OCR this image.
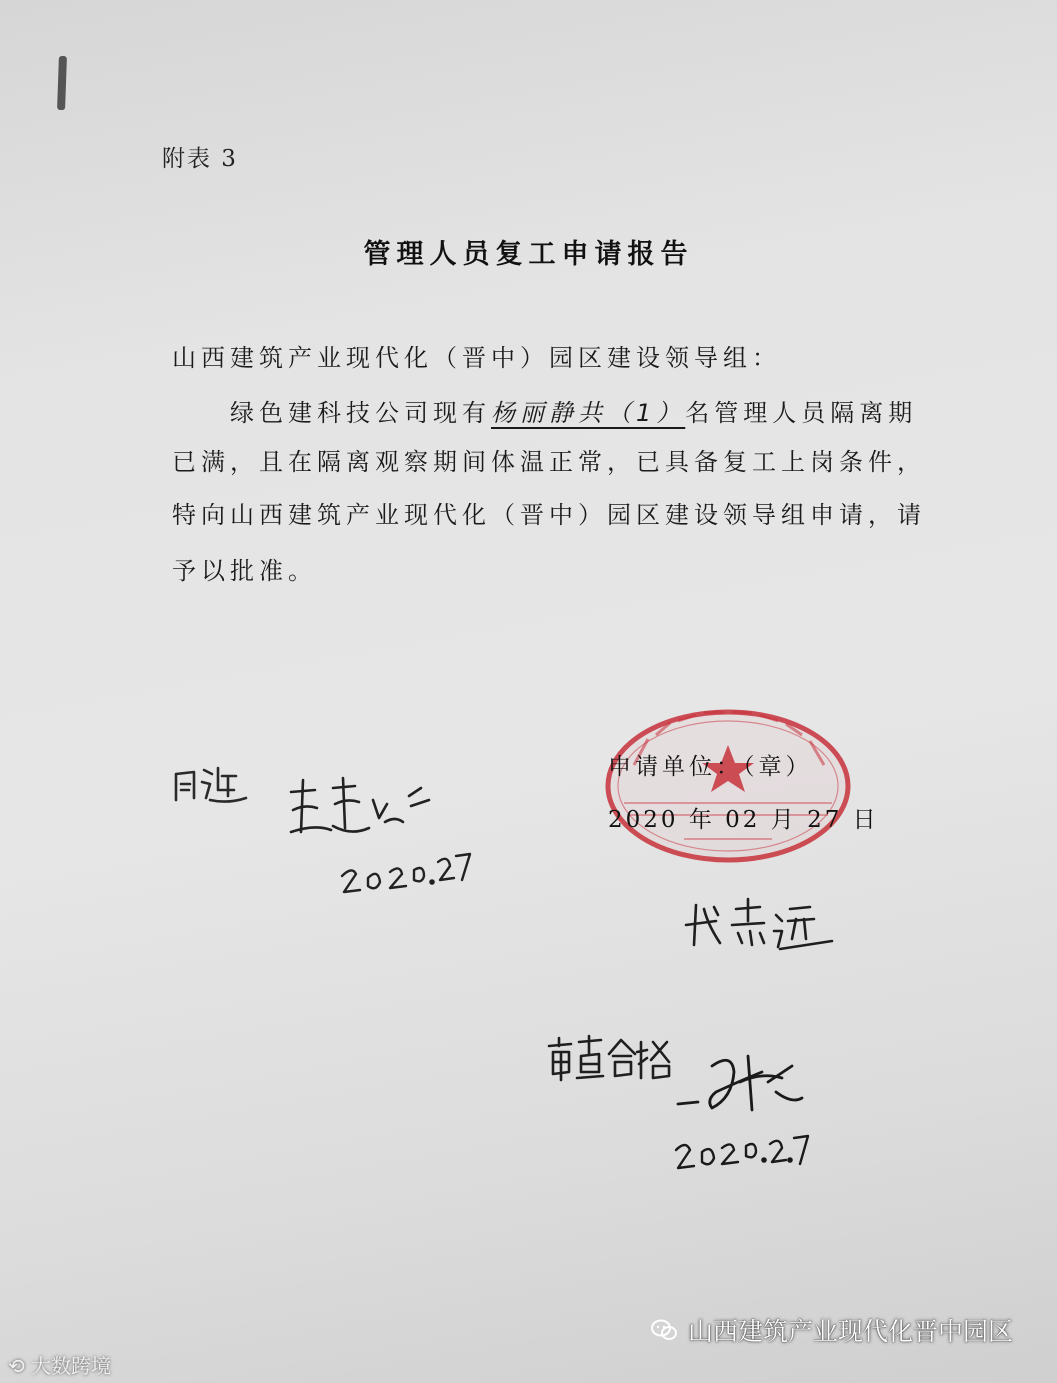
附表 3
管理人员复工申请报告
山西建筑产业现代化（晋中）园区建设领导组：
绿色建科技公司现有杨丽静共（1）名管理人员隔离期
已满，且在隔离观察期间体温正常，已具备复工上岗条件，
特向山西建筑产业现代化（晋中）园区建设领导组申请，请
予以批准。
申请单位：（章）
2020 年 02 月 27 日
⟲ 大数跨境
山西建筑产业现代化晋中园区
